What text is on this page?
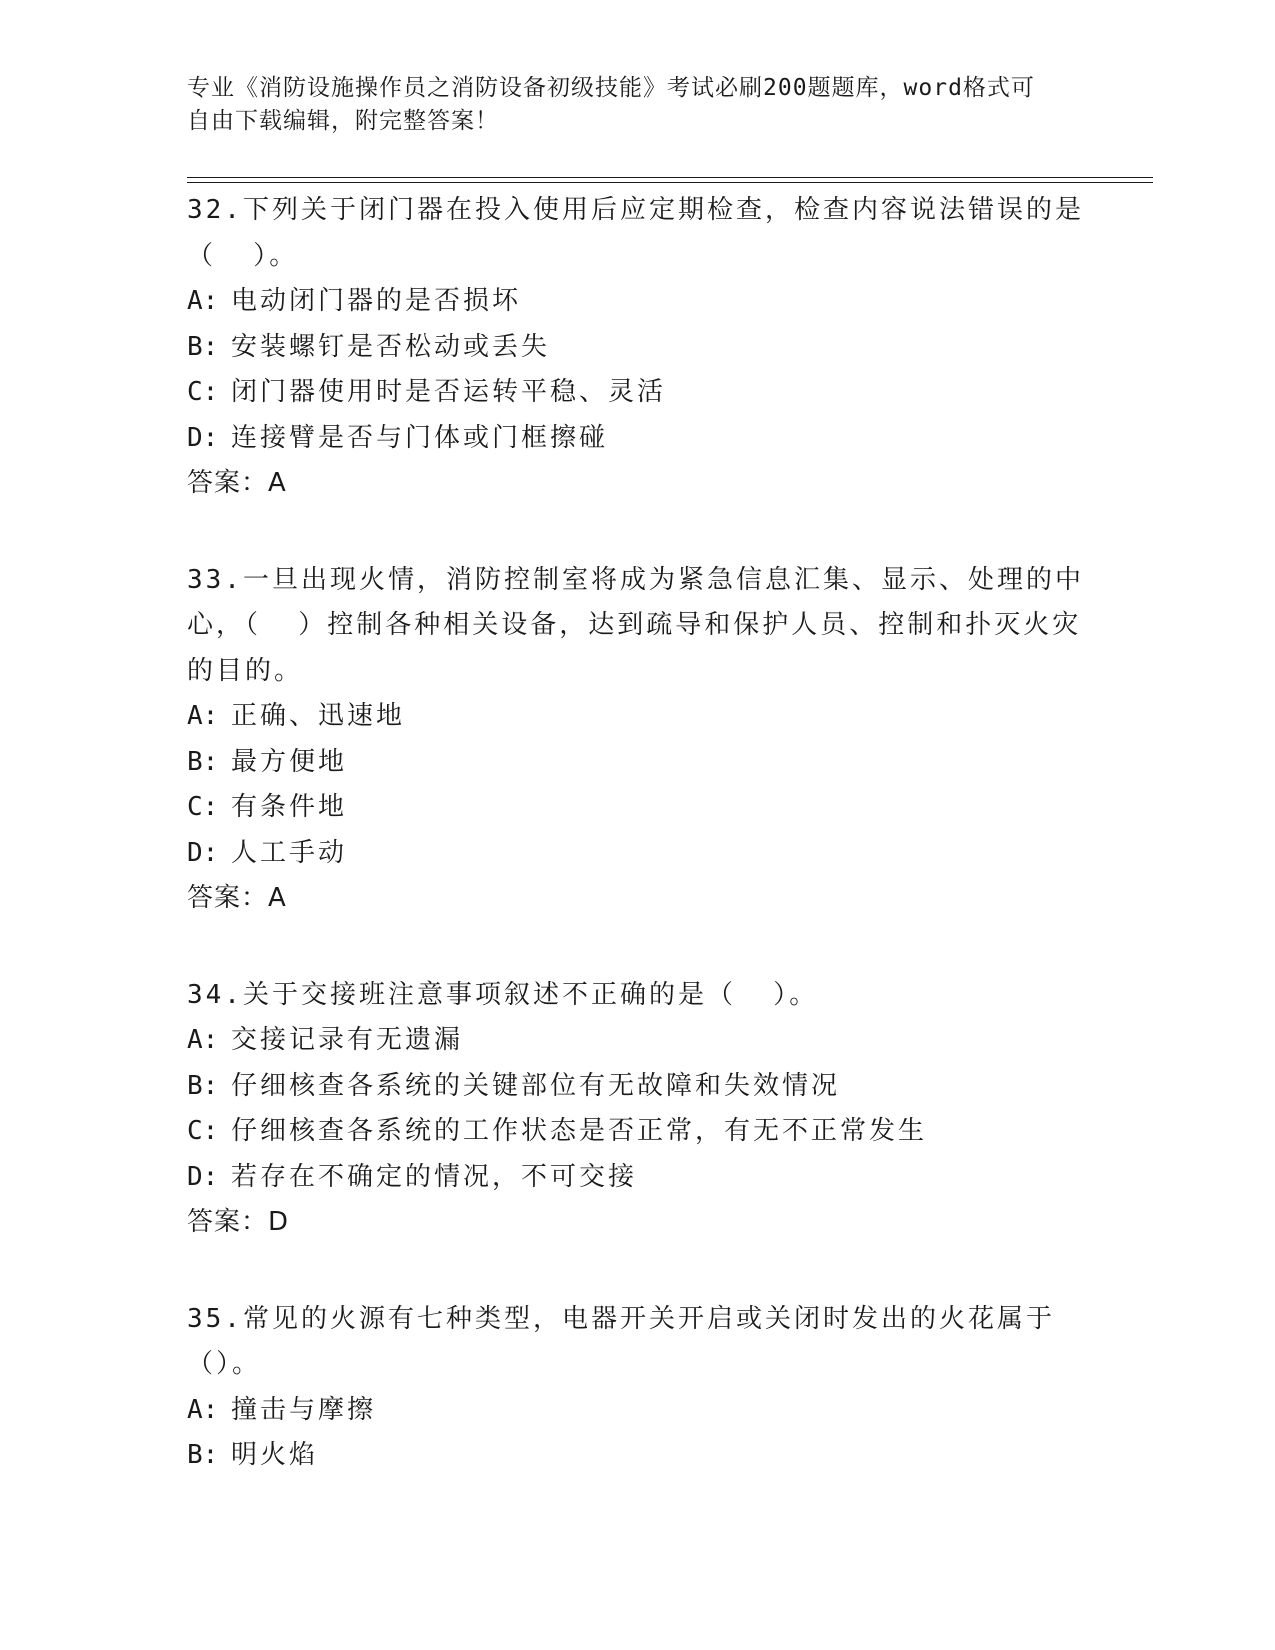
专业《消防设施操作员之消防设备初级技能》考试必刷200题题库，word格式可
自由下载编辑，附完整答案！
32.下列关于闭门器在投入使用后应定期检查，检查内容说法错误的是（  ）。
A: 电动闭门器的是否损坏
B: 安装螺钉是否松动或丢失
C: 闭门器使用时是否运转平稳、灵活
D: 连接臂是否与门体或门框擦碰
答案：A
33.一旦出现火情，消防控制室将成为紧急信息汇集、显示、处理的中心，（  ）控制各种相关设备，达到疏导和保护人员、控制和扑灭火灾的目的。
A: 正确、迅速地
B: 最方便地
C: 有条件地
D: 人工手动
答案：A
34.关于交接班注意事项叙述不正确的是（  ）。
A: 交接记录有无遗漏
B: 仔细核查各系统的关键部位有无故障和失效情况
C: 仔细核查各系统的工作状态是否正常，有无不正常发生
D: 若存在不确定的情况，不可交接
答案：D
35.常见的火源有七种类型，电器开关开启或关闭时发出的火花属于（）。
A: 撞击与摩擦
B: 明火焰
